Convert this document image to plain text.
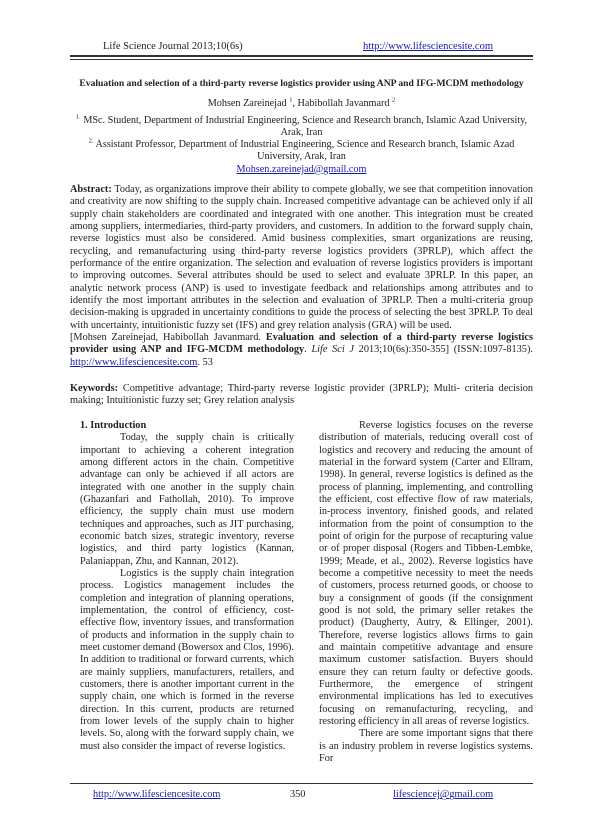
Life Science Journal 2013;10(6s)	http://www.lifesciencesite.com
Evaluation and selection of a third-party reverse logistics provider using ANP and IFG-MCDM methodology
Mohsen Zareinejad $^1$, Habibollah Javanmard $^2$
$^{1.}$ MSc. Student, Department of Industrial Engineering, Science and Research branch, Islamic Azad University, Arak, Iran
$^{2.}$ Assistant Professor, Department of Industrial Engineering, Science and Research branch, Islamic Azad University, Arak, Iran
Mohsen.zareinejad@gmail.com
Abstract: Today, as organizations improve their ability to compete globally, we see that competition innovation and creativity are now shifting to the supply chain. Increased competitive advantage can be achieved only if all supply chain stakeholders are coordinated and integrated with one another. This integration must be created among suppliers, intermediaries, third-party providers, and customers. In addition to the forward supply chain, reverse logistics must also be considered. Amid business complexities, smart organizations are reusing, recycling, and remanufacturing using third-party reverse logistics providers (3PRLP), which affect the performance of the entire organization. The selection and evaluation of reverse logistics providers is important to improving outcomes. Several attributes should be used to select and evaluate 3PRLP. In this paper, an analytic network process (ANP) is used to investigate feedback and relationships among attributes and to identify the most important attributes in the selection and evaluation of 3PRLP. Then a multi-criteria group decision-making is upgraded in uncertainty conditions to guide the process of selecting the best 3PRLP. To deal with uncertainty, intuitionistic fuzzy set (IFS) and grey relation analysis (GRA) will be used.
[Mohsen Zareinejad, Habibollah Javanmard. Evaluation and selection of a third-party reverse logistics provider using ANP and IFG-MCDM methodology. Life Sci J 2013;10(6s):350-355] (ISSN:1097-8135). http://www.lifesciencesite.com. 53
Keywords: Competitive advantage; Third-party reverse logistic provider (3PRLP); Multi- criteria decision making; Intuitionistic fuzzy set; Grey relation analysis
1. Introduction

Today, the supply chain is critically important to achieving a coherent integration among different actors in the chain. Competitive advantage can only be achieved if all actors are integrated with one another in the supply chain (Ghazanfari and Fathollah, 2010). To improve efficiency, the supply chain must use modern techniques and approaches, such as JIT purchasing, economic batch sizes, strategic inventory, reverse logistics, and third party logistics (Kannan, Palaniappan, Zhu, and Kannan, 2012).

Logistics is the supply chain integration process. Logistics management includes the completion and integration of planning operations, implementation, the control of efficiency, cost-effective flow, inventory issues, and transformation of products and information in the supply chain to meet customer demand (Bowersox and Clos, 1996). In addition to traditional or forward currents, which are mainly suppliers, manufacturers, retailers, and customers, there is another important current in the supply chain, one which is formed in the reverse direction. In this current, products are returned from lower levels of the supply chain to higher levels. So, along with the forward supply chain, we must also consider the impact of reverse logistics.

Reverse logistics focuses on the reverse distribution of materials, reducing overall cost of logistics and recovery and reducing the amount of material in the forward system (Carter and Ellram, 1998). In general, reverse logistics is defined as the process of planning, implementing, and controlling the efficient, cost effective flow of raw materials, in-process inventory, finished goods, and related information from the point of consumption to the point of origin for the purpose of recapturing value or of proper disposal (Rogers and Tibben-Lembke, 1999; Meade, et al., 2002). Reverse logistics have become a competitive necessity to meet the needs of customers, process returned goods, or choose to buy a consignment of goods (if the consignment good is not sold, the primary seller retakes the product) (Daugherty, Autry, & Ellinger, 2001). Therefore, reverse logistics allows firms to gain and maintain competitive advantage and ensure maximum customer satisfaction. Buyers should ensure they can return faulty or defective goods. Furthermore, the emergence of stringent environmental implications has led to executives focusing on remanufacturing, recycling, and restoring efficiency in all areas of reverse logistics.

There are some important signs that there is an industry problem in reverse logistics systems. For

http://www.lifesciencesite.com	350	lifesciencej@gmail.com
